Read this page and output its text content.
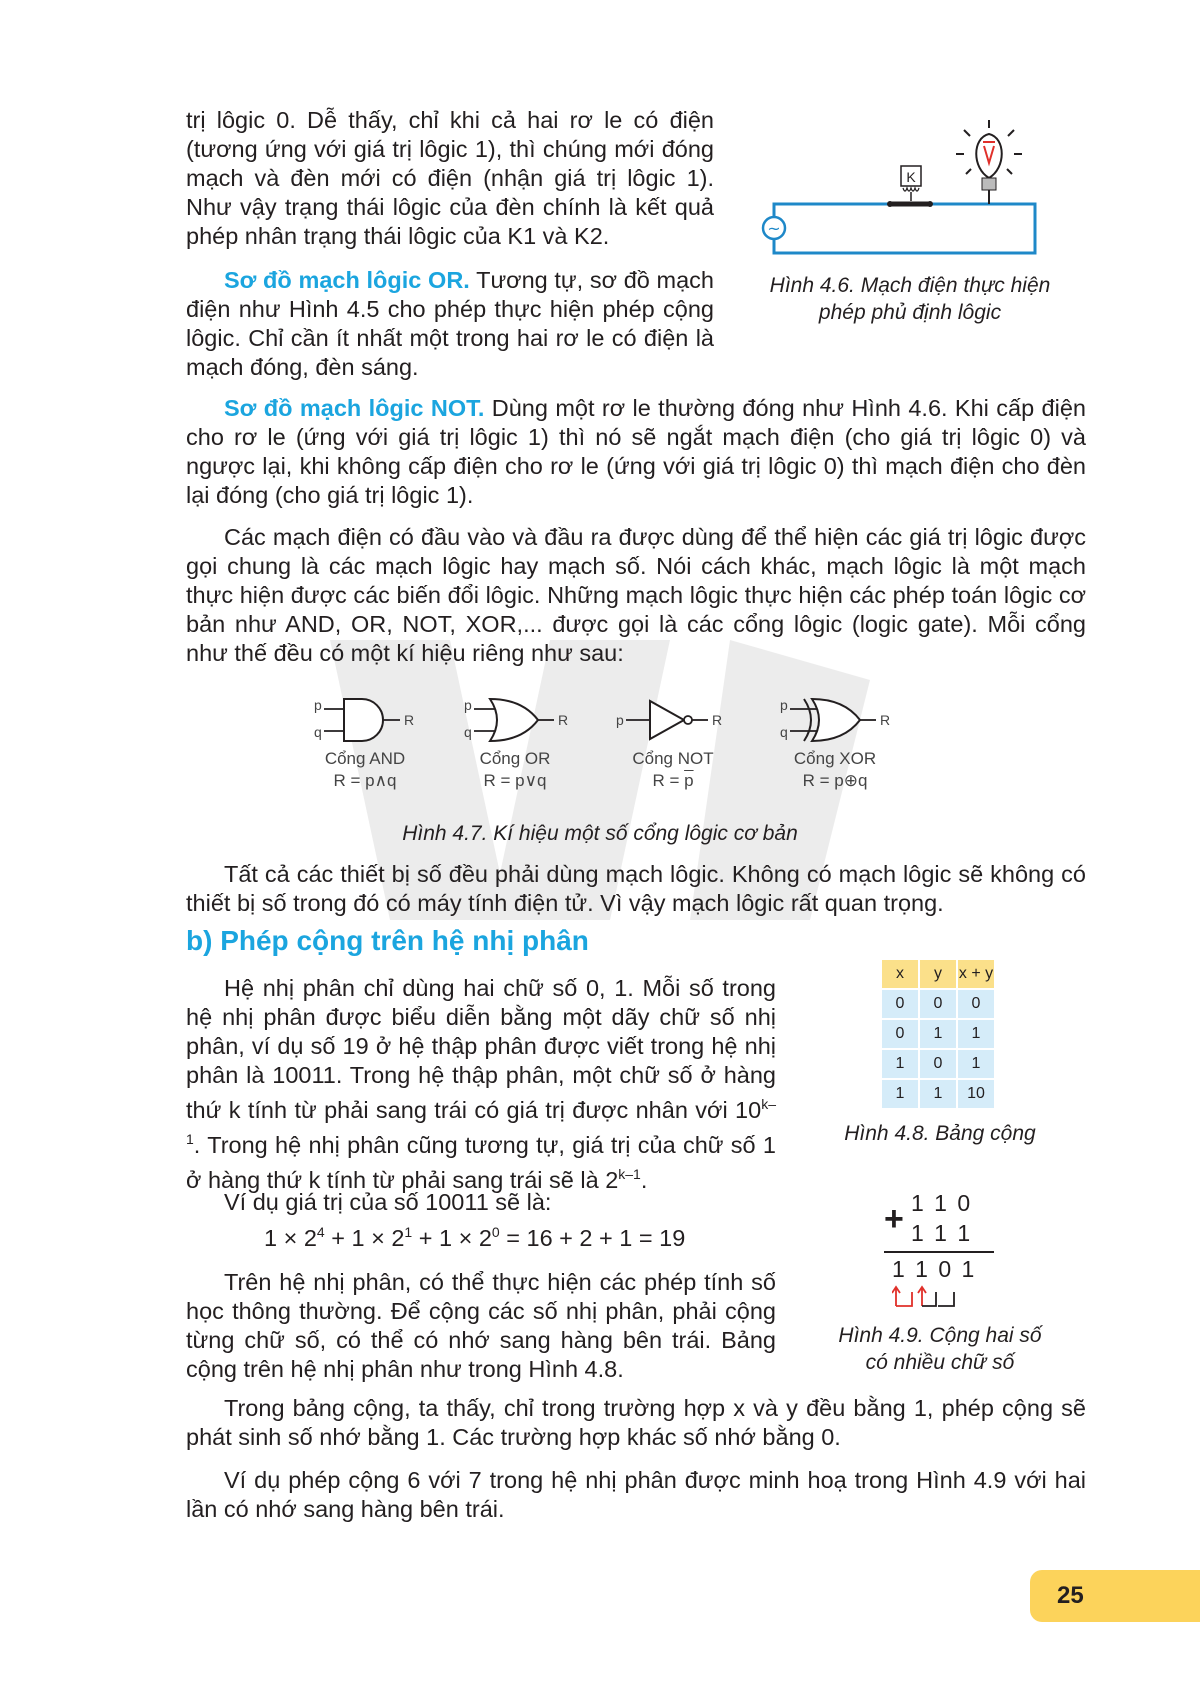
trị lôgic 0. Dễ thấy, chỉ khi cả hai rơ le có điện (tương ứng với giá trị lôgic 1), thì chúng mới đóng mạch và đèn mới có điện (nhận giá trị lôgic 1). Như vậy trạng thái lôgic của đèn chính là kết quả phép nhân trạng thái lôgic của K1 và K2.	~
K

Hình 4.6. Mạch điện thực hiện
phép phủ định lôgic

Sơ đồ mạch lôgic OR. Tương tự, sơ đồ mạch điện như Hình 4.5 cho phép thực hiện phép cộng lôgic. Chỉ cần ít nhất một trong hai rơ le có điện là mạch đóng, đèn sáng.

Sơ đồ mạch lôgic NOT. Dùng một rơ le thường đóng như Hình 4.6. Khi cấp điện cho rơ le (ứng với giá trị lôgic 1) thì nó sẽ ngắt mạch điện (cho giá trị lôgic 0) và ngược lại, khi không cấp điện cho rơ le (ứng với giá trị lôgic 0) thì mạch điện cho đèn lại đóng (cho giá trị lôgic 1).

Các mạch điện có đầu vào và đầu ra được dùng để thể hiện các giá trị lôgic được gọi chung là các mạch lôgic hay mạch số. Nói cách khác, mạch lôgic là một mạch thực hiện được các biến đổi lôgic. Những mạch lôgic thực hiện các phép toán lôgic cơ bản như AND, OR, NOT, XOR,... được gọi là các cổng lôgic (logic gate). Mỗi cổng như thế đều có một kí hiệu riêng như sau:

p
q
R
Cổng AND
R = p∧q
p
q
R
Cổng OR
R = p∨q
p	R
Cổng NOT
$R = \overline{p}$
p
q
R
Cổng XOR
R = p⊕q

Hình 4.7. Kí hiệu một số cổng lôgic cơ bản

Tất cả các thiết bị số đều phải dùng mạch lôgic. Không có mạch lôgic sẽ không có thiết bị số trong đó có máy tính điện tử. Vì vậy mạch lôgic rất quan trọng.

b) Phép cộng trên hệ nhị phân

Hệ nhị phân chỉ dùng hai chữ số 0, 1. Mỗi số trong hệ nhị phân được biểu diễn bằng một dãy chữ số nhị phân, ví dụ số 19 ở hệ thập phân được viết trong hệ nhị phân là 10011. Trong hệ thập phân, một chữ số ở hàng thứ k tính từ phải sang trái có giá trị được nhân với 10$^{k-1}$. Trong hệ nhị phân cũng tương tự, giá trị của chữ số 1 ở hàng thứ k tính từ phải sang trái sẽ là 2$^{k-1}$.

x	y	x + y
0	0	0
0	1	1
1	0	1
1	1	10

Hình 4.8. Bảng cộng

Ví dụ giá trị của số 10011 sẽ là:

$1 \times 2^4 + 1 \times 2^1 + 1 \times 2^0 = 16 + 2 + 1 = 19$
1 1 0
+ 1 1 1
1 1 0 1

Hình 4.9. Cộng hai số
có nhiều chữ số

Trên hệ nhị phân, có thể thực hiện các phép tính số học thông thường. Để cộng các số nhị phân, phải cộng từng chữ số, có thể có nhớ sang hàng bên trái. Bảng cộng trên hệ nhị phân như trong Hình 4.8.

Trong bảng cộng, ta thấy, chỉ trong trường hợp x và y đều bằng 1, phép cộng sẽ phát sinh số nhớ bằng 1. Các trường hợp khác số nhớ bằng 0.

Ví dụ phép cộng 6 với 7 trong hệ nhị phân được minh hoạ trong Hình 4.9 với hai lần có nhớ sang hàng bên trái.

25
